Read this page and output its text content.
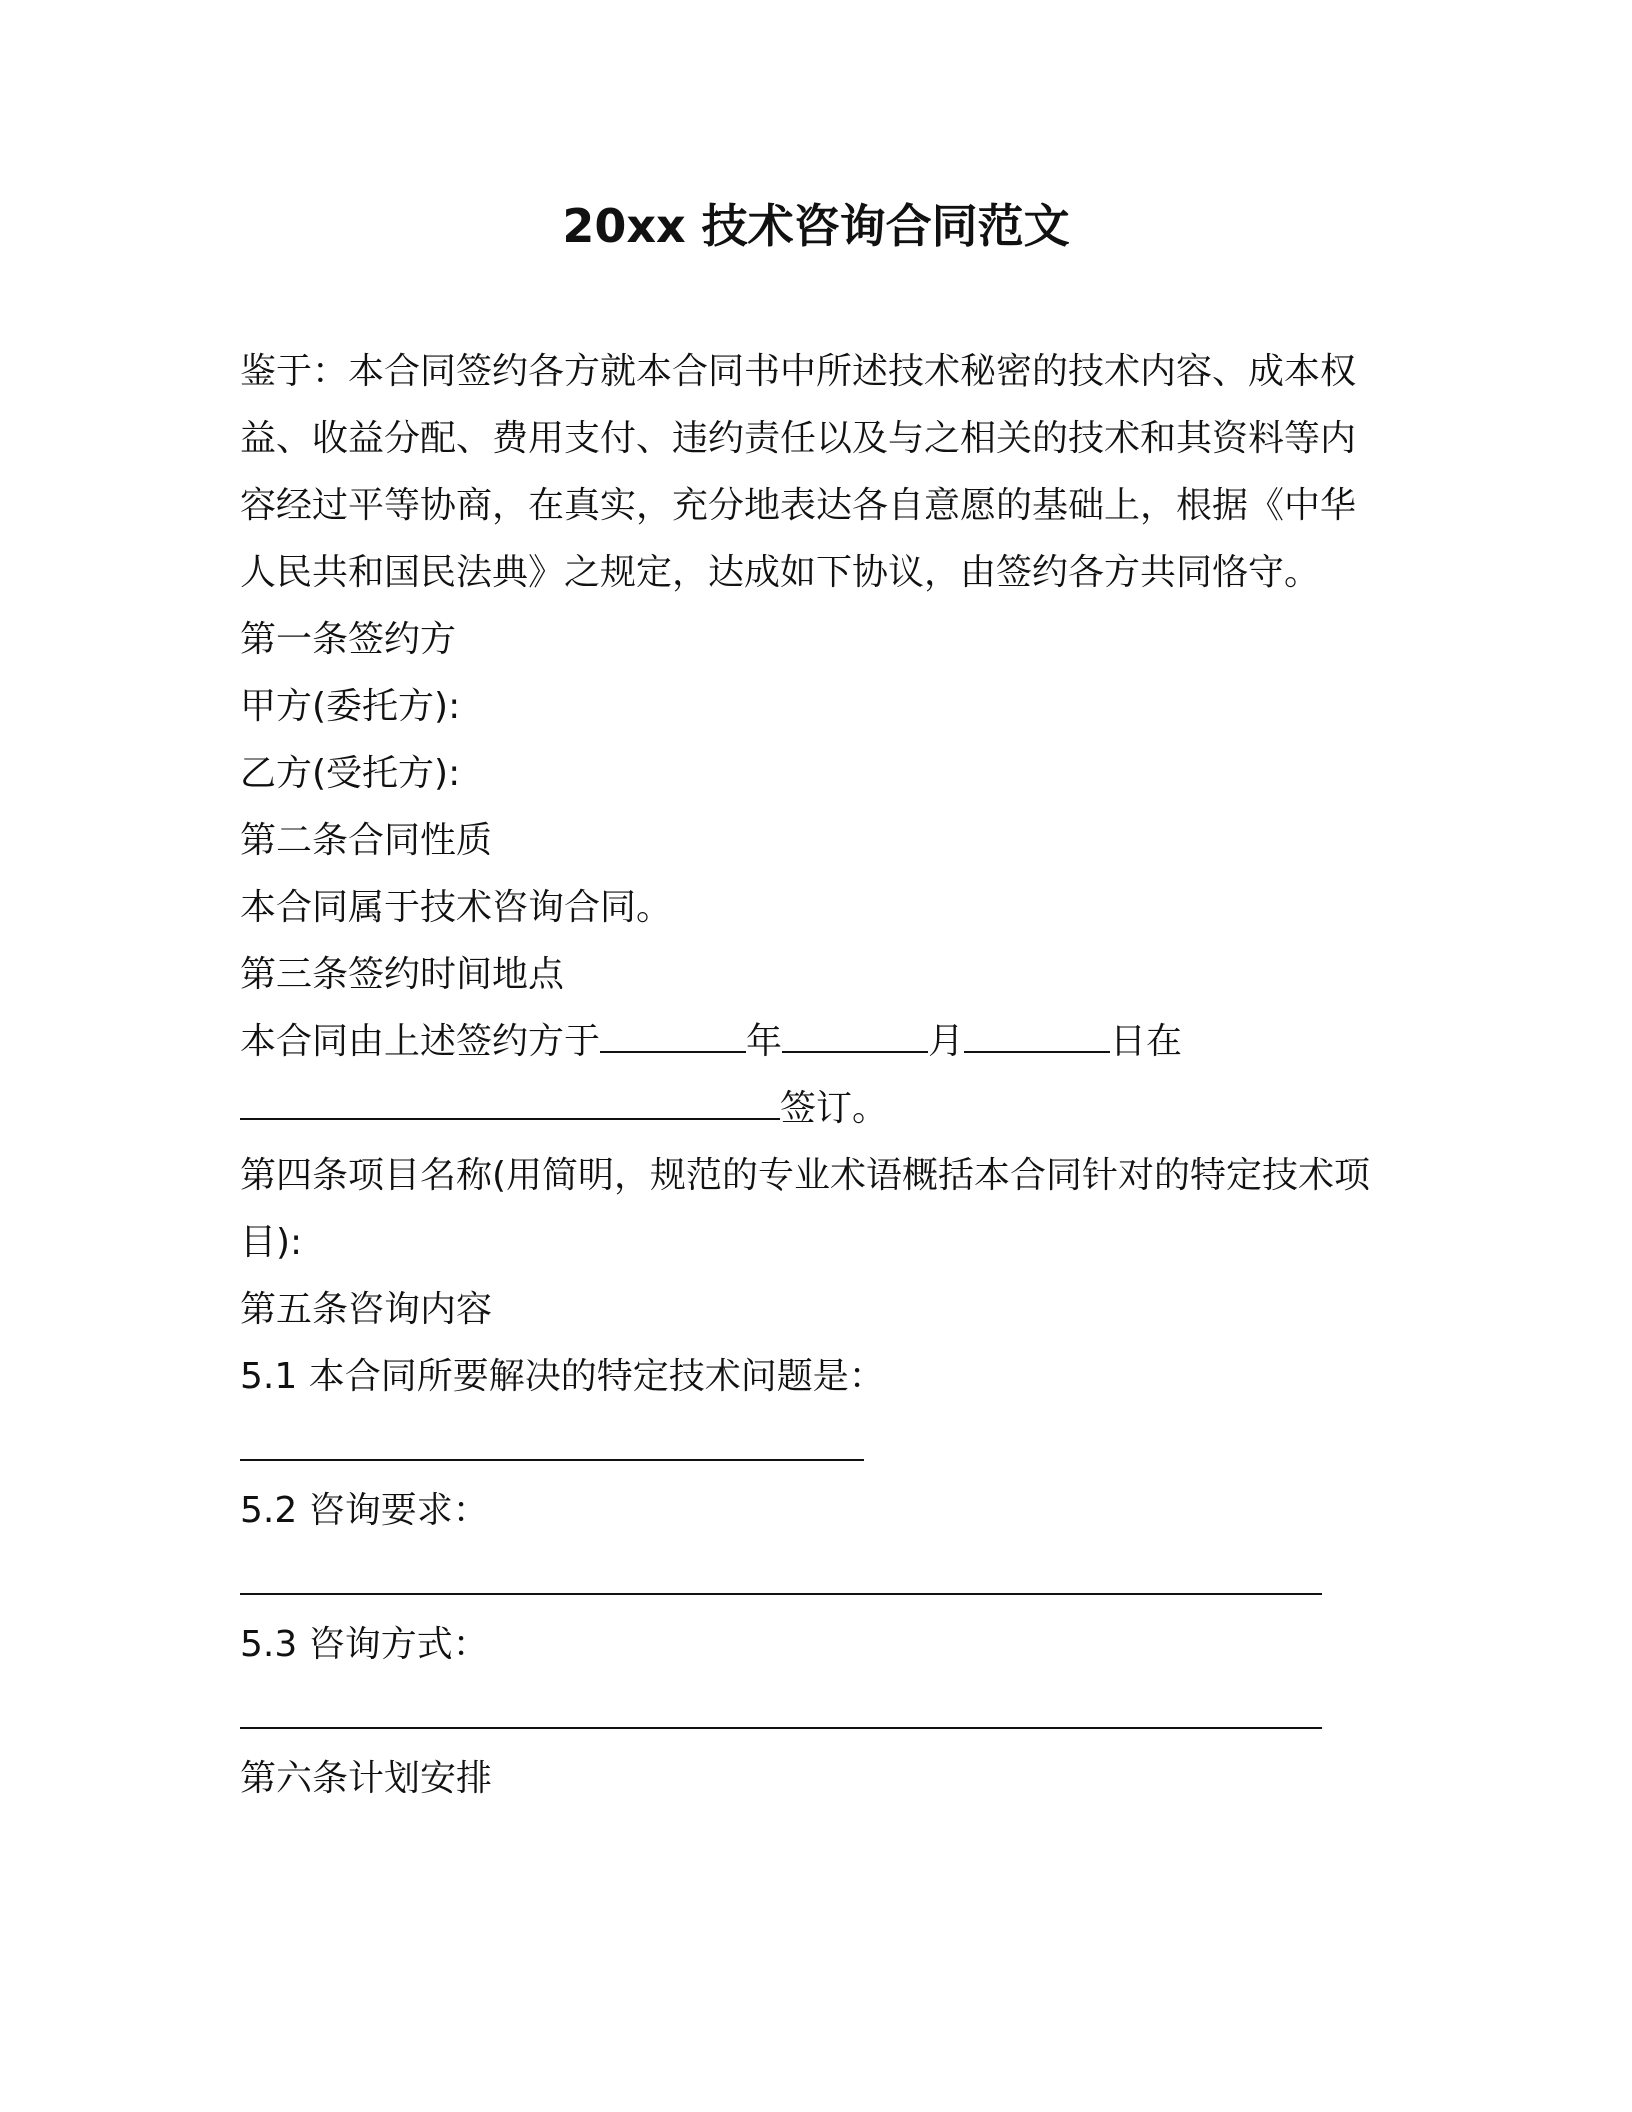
20xx 技术咨询合同范文

鉴于：本合同签约各方就本合同书中所述技术秘密的技术内容、成本权益、收益分配、费用支付、违约责任以及与之相关的技术和其资料等内容经过平等协商，在真实，充分地表达各自意愿的基础上，根据《中华人民共和国民法典》之规定，达成如下协议，由签约各方共同恪守。

第一条签约方

甲方(委托方):

乙方(受托方):

第二条合同性质

本合同属于技术咨询合同。

第三条签约时间地点

本合同由上述签约方于	年	月	日在

签订。

第四条项目名称(用简明，规范的专业术语概括本合同针对的特定技术项目):

第五条咨询内容

5.1 本合同所要解决的特定技术问题是：

5.2 咨询要求：

5.3 咨询方式：

第六条计划安排
